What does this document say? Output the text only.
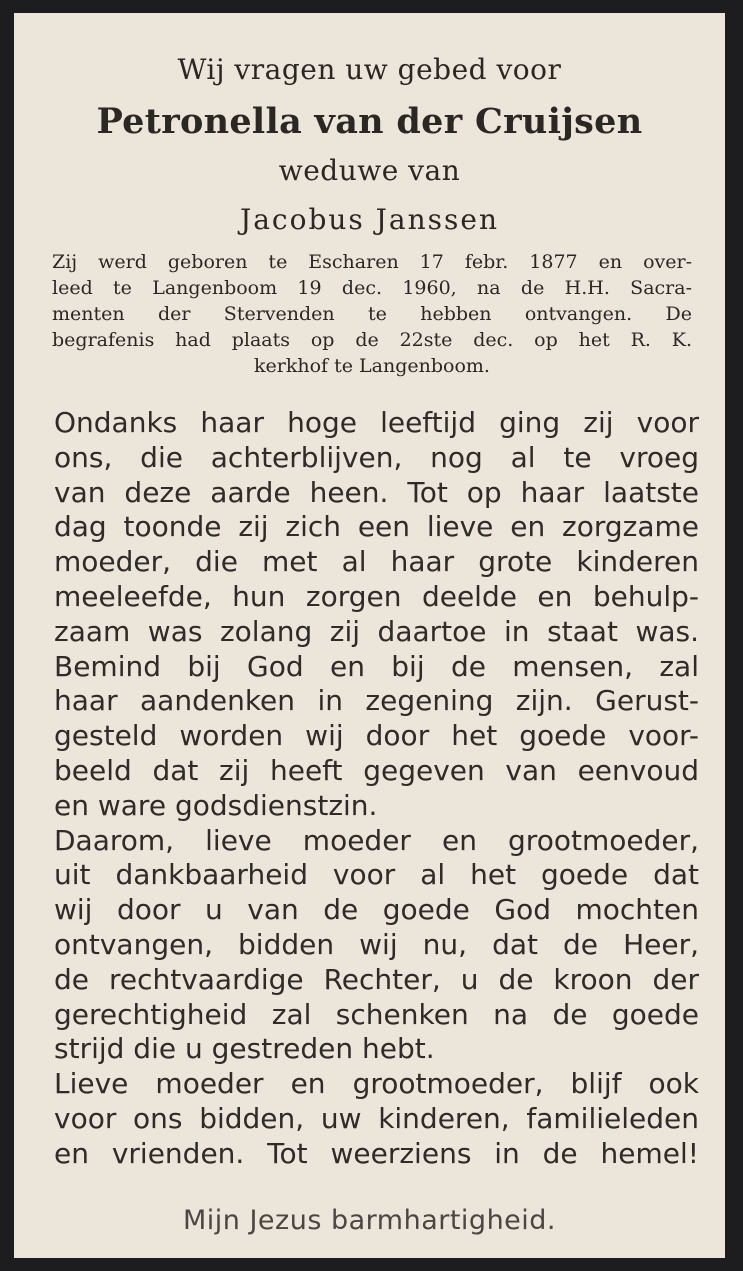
Wij vragen uw gebed voor
Petronella van der Cruijsen
weduwe van
Jacobus Janssen
Zij werd geboren te Escharen 17 febr. 1877 en over-
leed te Langenboom 19 dec. 1960, na de H.H. Sacra-
menten der Stervenden te hebben ontvangen. De
begrafenis had plaats op de 22ste dec. op het R. K.
kerkhof te Langenboom.
Ondanks haar hoge leeftijd ging zij voor
ons, die achterblijven, nog al te vroeg
van deze aarde heen. Tot op haar laatste
dag toonde zij zich een lieve en zorgzame
moeder, die met al haar grote kinderen
meeleefde, hun zorgen deelde en behulp-
zaam was zolang zij daartoe in staat was.
Bemind bij God en bij de mensen, zal
haar aandenken in zegening zijn. Gerust-
gesteld worden wij door het goede voor-
beeld dat zij heeft gegeven van eenvoud
en ware godsdienstzin.
Daarom, lieve moeder en grootmoeder,
uit dankbaarheid voor al het goede dat
wij door u van de goede God mochten
ontvangen, bidden wij nu, dat de Heer,
de rechtvaardige Rechter, u de kroon der
gerechtigheid zal schenken na de goede
strijd die u gestreden hebt.
Lieve moeder en grootmoeder, blijf ook
voor ons bidden, uw kinderen, familieleden
en vrienden. Tot weerziens in de hemel!
Mijn Jezus barmhartigheid.
